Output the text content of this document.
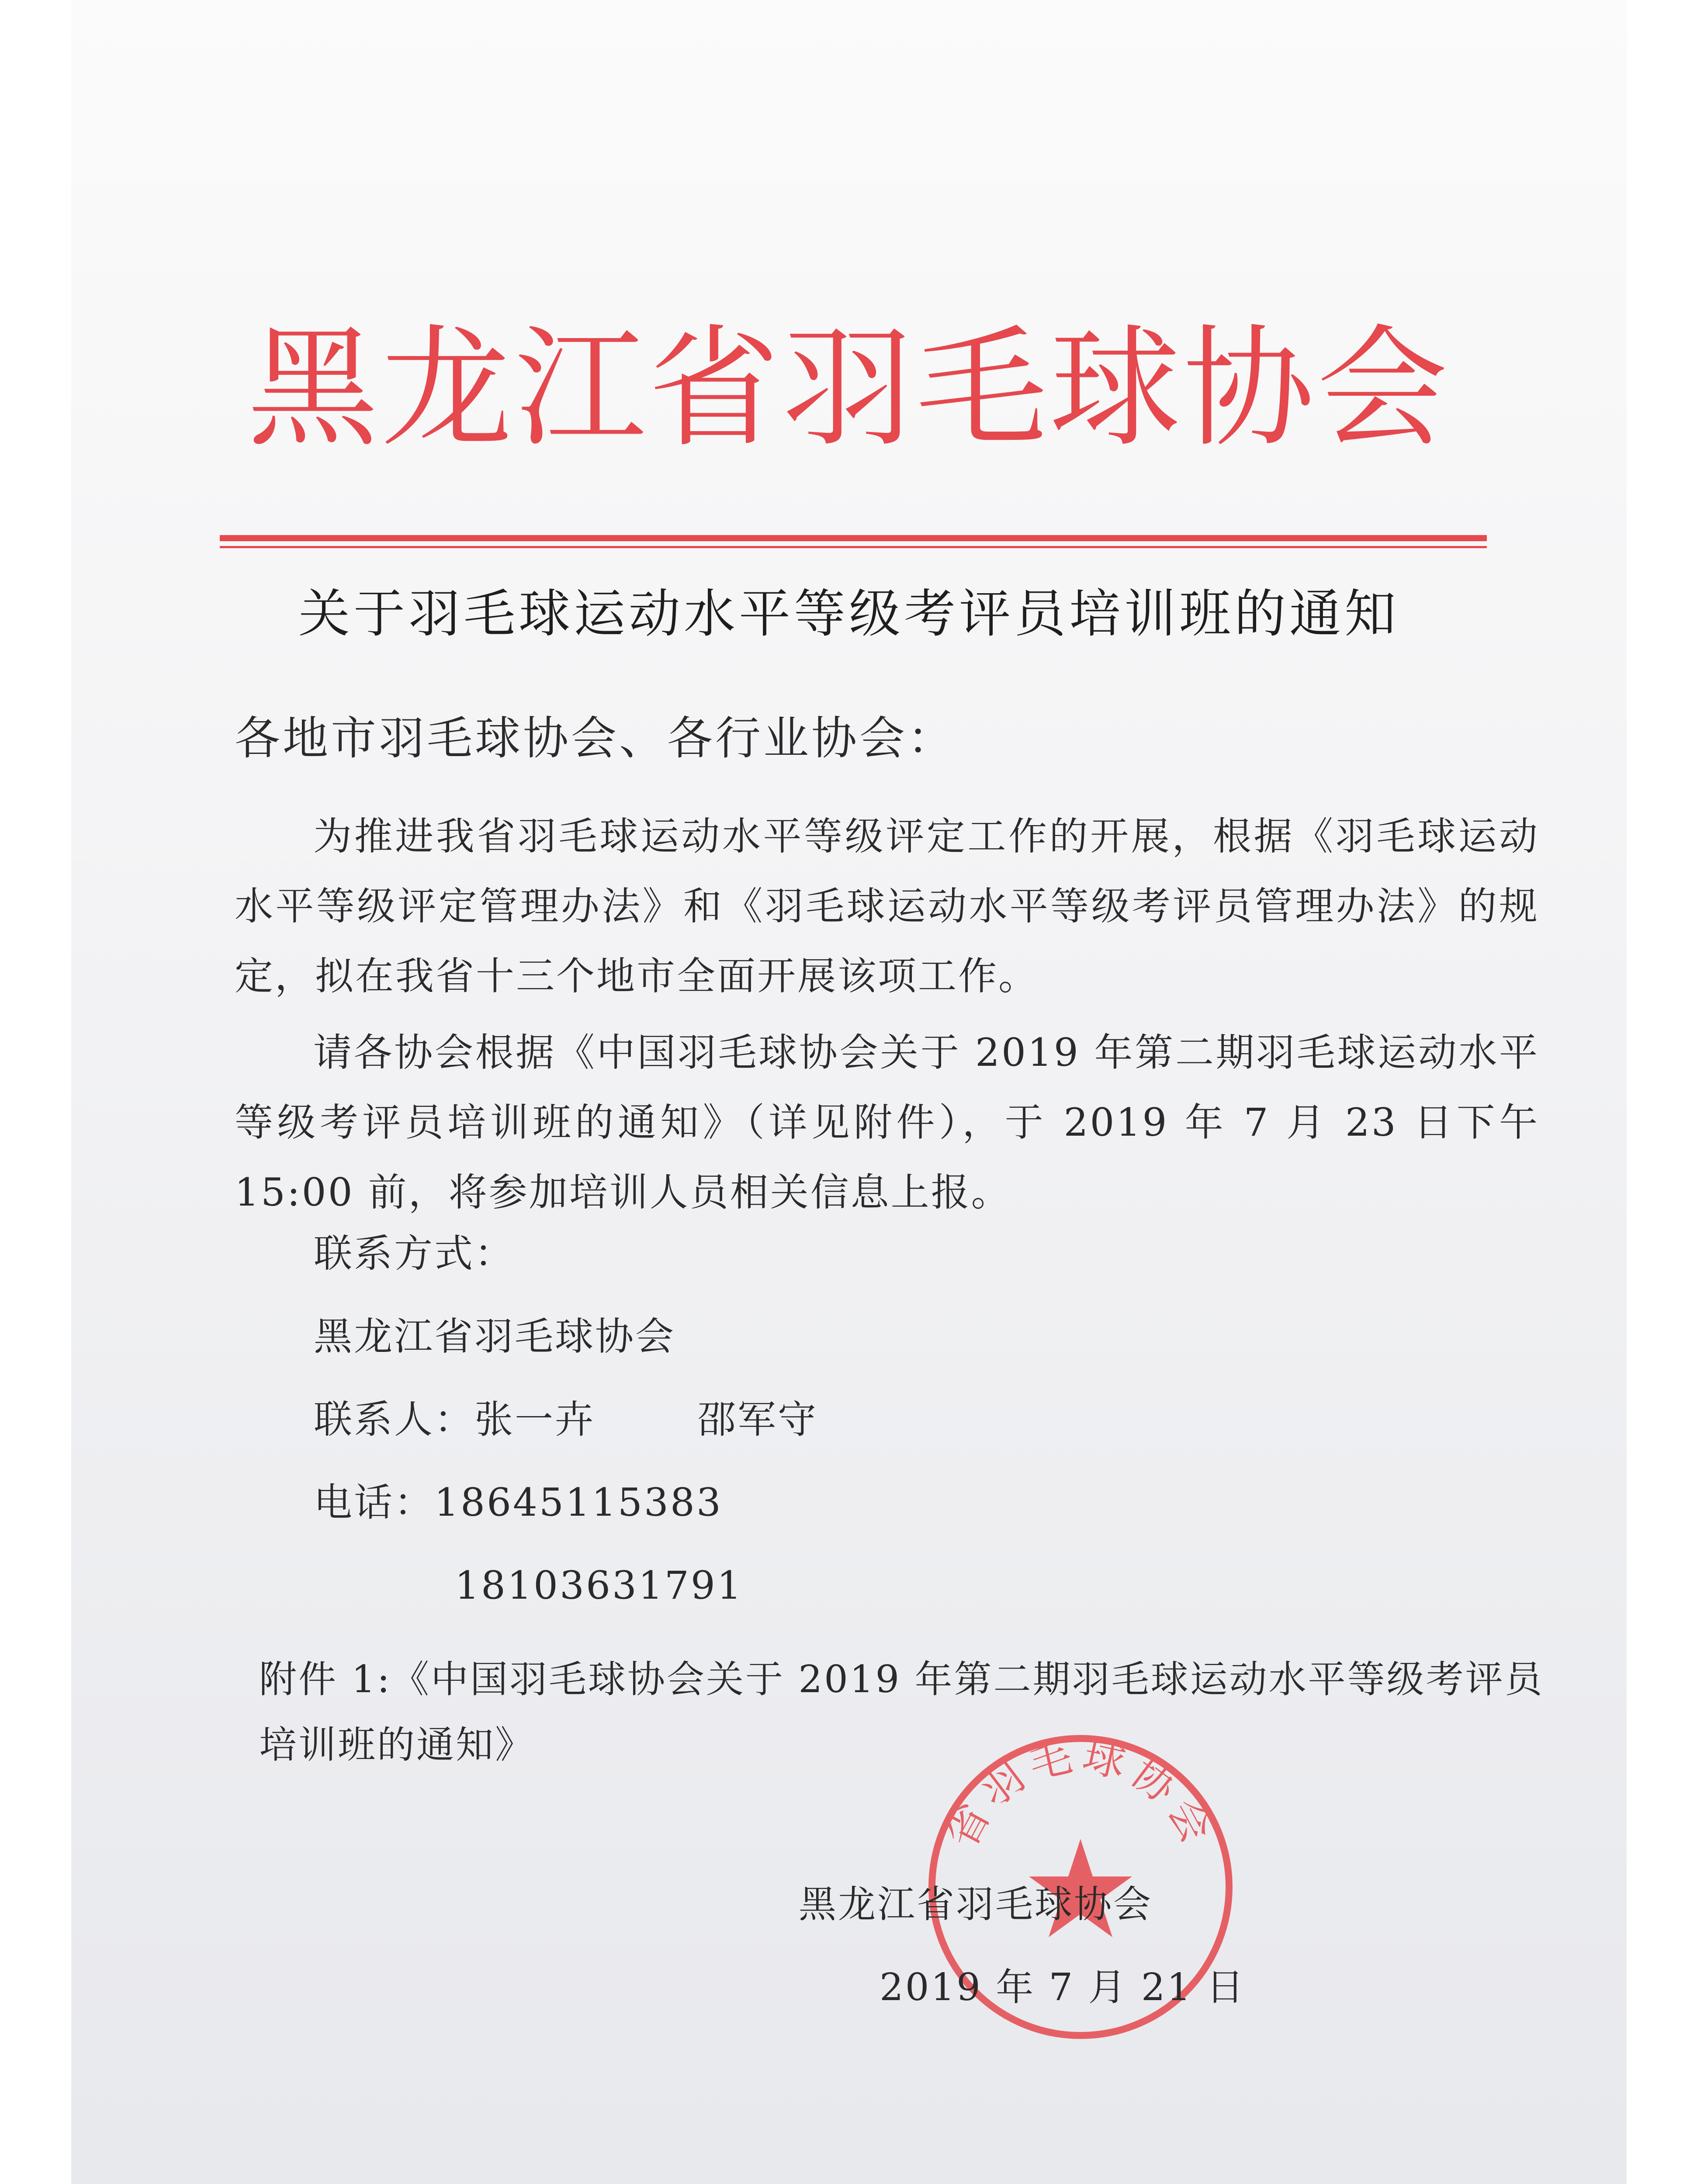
黑龙江省羽毛球协会
关于羽毛球运动水平等级考评员培训班的通知
各地市羽毛球协会、各行业协会：
为推进我省羽毛球运动水平等级评定工作的开展，根据《羽毛球运动水平等级评定管理办法》和《羽毛球运动水平等级考评员管理办法》的规定，拟在我省十三个地市全面开展该项工作。
请各协会根据《中国羽毛球协会关于 2019 年第二期羽毛球运动水平等级考评员培训班的通知》（详见附件），于 2019 年 7 月 23 日下午 15:00 前，将参加培训人员相关信息上报。
联系方式：
黑龙江省羽毛球协会
联系人：张一卉	邵军守
电话：18645115383
18103631791
附件 1:《中国羽毛球协会关于 2019 年第二期羽毛球运动水平等级考评员培训班的通知》
省羽毛球协会
黑龙江省羽毛球协会
2019 年 7 月 21 日
